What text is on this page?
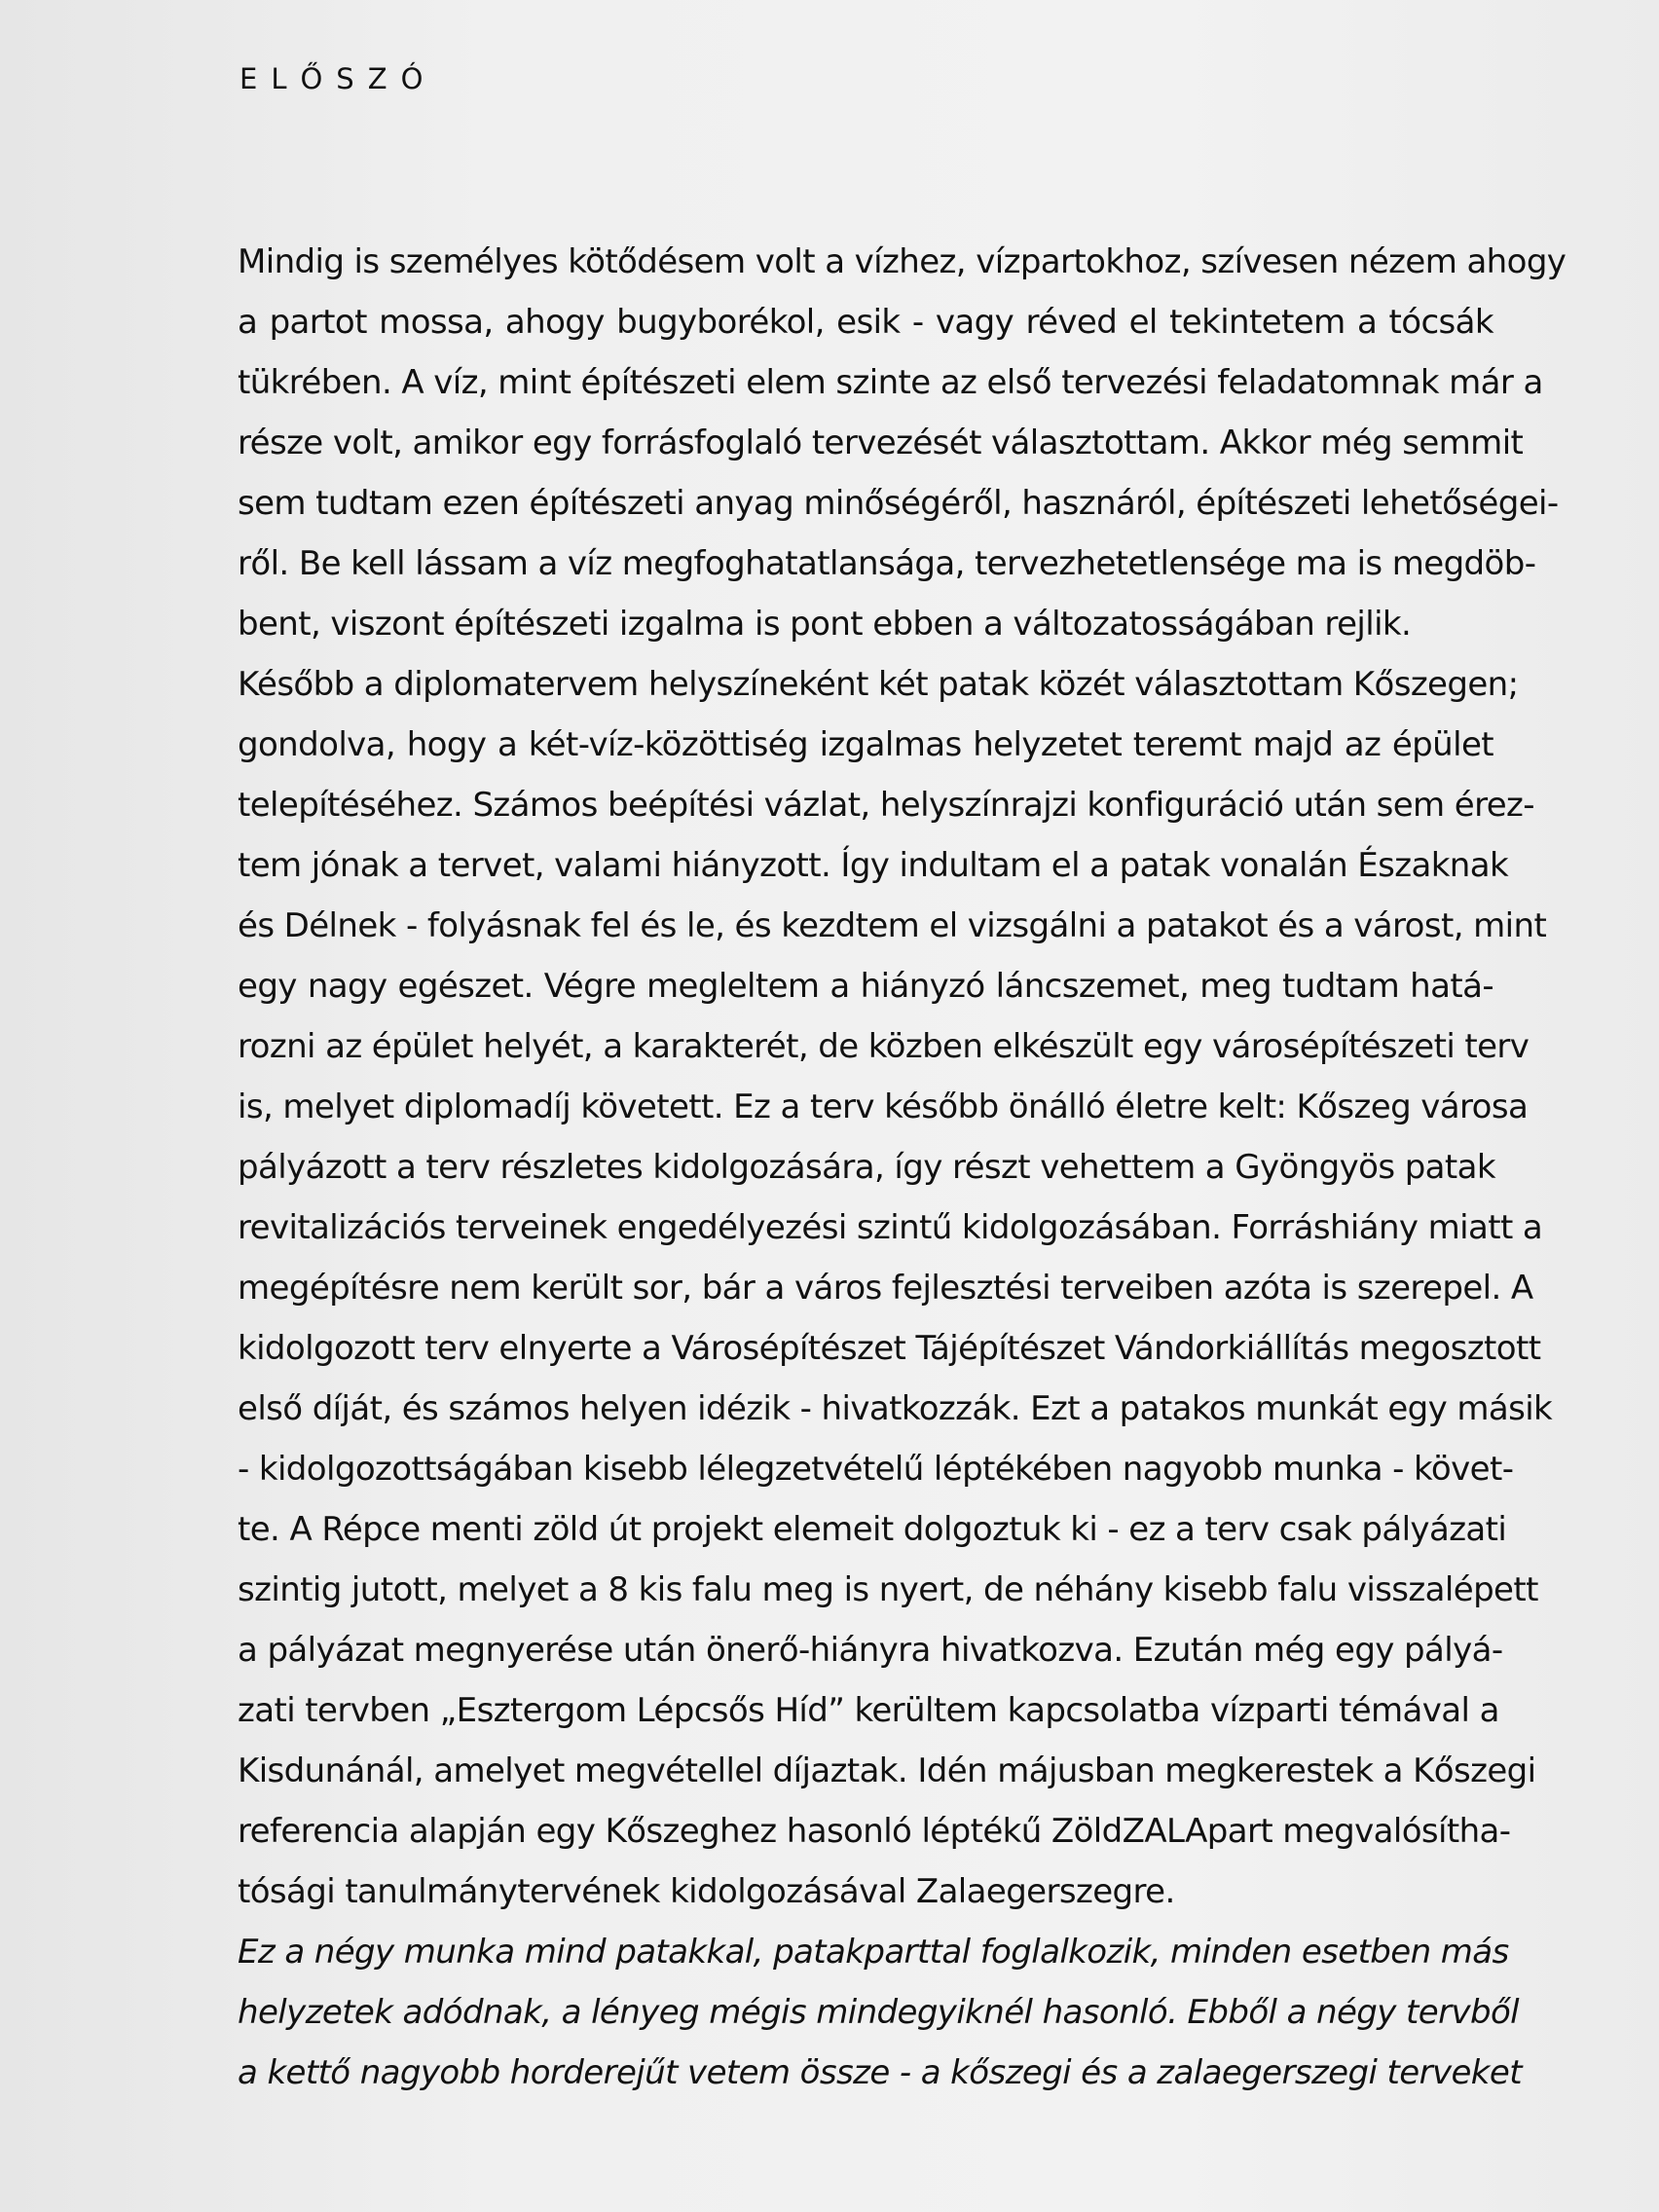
ELŐSZÓ
Mindig is személyes kötődésem volt a vízhez, vízpartokhoz, szívesen nézem ahogy
a partot mossa, ahogy bugyborékol, esik - vagy réved el tekintetem a tócsák
tükrében. A víz, mint építészeti elem szinte az első tervezési feladatomnak már a
része volt, amikor egy forrásfoglaló tervezését választottam. Akkor még semmit
sem tudtam ezen építészeti anyag minőségéről, hasznáról, építészeti lehetőségei-
ről. Be kell lássam a víz megfoghatatlansága, tervezhetetlensége ma is megdöb-
bent, viszont építészeti izgalma is pont ebben a változatosságában rejlik.
Később a diplomatervem helyszíneként két patak közét választottam Kőszegen;
gondolva, hogy a két-víz-közöttiség izgalmas helyzetet teremt majd az épület
telepítéséhez. Számos beépítési vázlat, helyszínrajzi konfiguráció után sem érez-
tem jónak a tervet, valami hiányzott. Így indultam el a patak vonalán Északnak
és Délnek - folyásnak fel és le, és kezdtem el vizsgálni a patakot és a várost, mint
egy nagy egészet. Végre megleltem a hiányzó láncszemet, meg tudtam hatá-
rozni az épület helyét, a karakterét, de közben elkészült egy városépítészeti terv
is, melyet diplomadíj követett. Ez a terv később önálló életre kelt: Kőszeg városa
pályázott a terv részletes kidolgozására, így részt vehettem a Gyöngyös patak
revitalizációs terveinek engedélyezési szintű kidolgozásában. Forráshiány miatt a
megépítésre nem került sor, bár a város fejlesztési terveiben azóta is szerepel. A
kidolgozott terv elnyerte a Városépítészet Tájépítészet Vándorkiállítás megosztott
első díját, és számos helyen idézik - hivatkozzák. Ezt a patakos munkát egy másik
- kidolgozottságában kisebb lélegzetvételű léptékében nagyobb munka - követ-
te. A Répce menti zöld út projekt elemeit dolgoztuk ki - ez a terv csak pályázati
szintig jutott, melyet a 8 kis falu meg is nyert, de néhány kisebb falu visszalépett
a pályázat megnyerése után önerő-hiányra hivatkozva. Ezután még egy pályá-
zati tervben „Esztergom Lépcsős Híd” kerültem kapcsolatba vízparti témával a
Kisdunánál, amelyet megvétellel díjaztak. Idén májusban megkerestek a Kőszegi
referencia alapján egy Kőszeghez hasonló léptékű ZöldZALApart megvalósítha-
tósági tanulmánytervének kidolgozásával Zalaegerszegre.
Ez a négy munka mind patakkal, patakparttal foglalkozik, minden esetben más
helyzetek adódnak, a lényeg mégis mindegyiknél hasonló. Ebből a négy tervből
a kettő nagyobb horderejűt vetem össze - a kőszegi és a zalaegerszegi terveket
